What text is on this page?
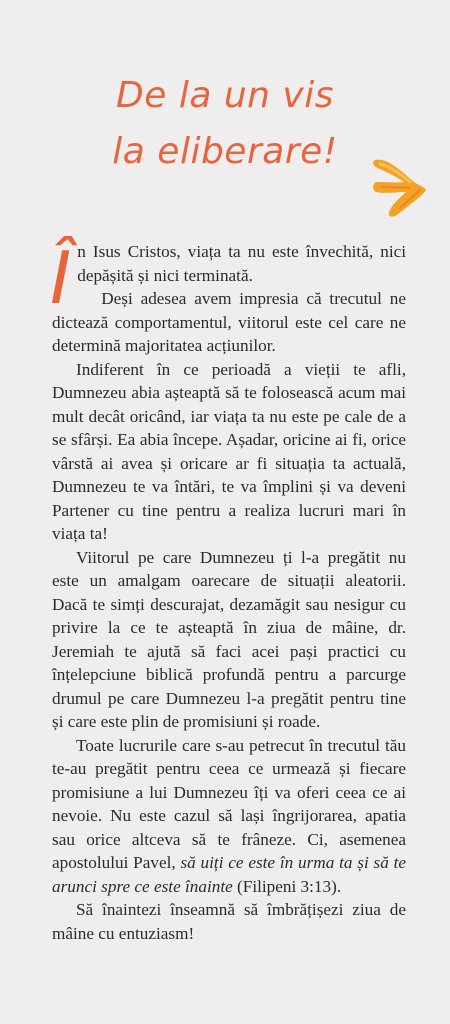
De la un vis
la eliberare!

În Isus Cristos, viața ta nu este învechită, nici depășită și nici terminată.

Deși adesea avem impresia că trecutul ne dictează comportamentul, viitorul este cel care ne determină majoritatea acțiunilor.

Indiferent în ce perioadă a vieții te afli, Dumnezeu abia așteaptă să te folosească acum mai mult decât oricând, iar viața ta nu este pe cale de a se sfârși. Ea abia începe. Așadar, oricine ai fi, orice vârstă ai avea și oricare ar fi situația ta actuală, Dumnezeu te va întări, te va împlini și va deveni Partener cu tine pentru a realiza lucruri mari în viața ta!

Viitorul pe care Dumnezeu ți l-a pregătit nu este un amalgam oarecare de situații aleatorii. Dacă te simți descurajat, dezamăgit sau nesigur cu privire la ce te așteaptă în ziua de mâine, dr. Jeremiah te ajută să faci acei pași practici cu înțelepciune biblică profundă pentru a parcurge drumul pe care Dumnezeu l-a pregătit pentru tine și care este plin de promisiuni și roade.

Toate lucrurile care s-au petrecut în trecutul tău te-au pregătit pentru ceea ce urmează și fiecare promisiune a lui Dumnezeu îți va oferi ceea ce ai nevoie. Nu este cazul să lași îngrijorarea, apatia sau orice altceva să te frâneze. Ci, asemenea apostolului Pavel, să uiți ce este în urma ta și să te arunci spre ce este înainte (Filipeni 3:13).

Să înaintezi înseamnă să îmbrățișezi ziua de mâine cu entuziasm!
